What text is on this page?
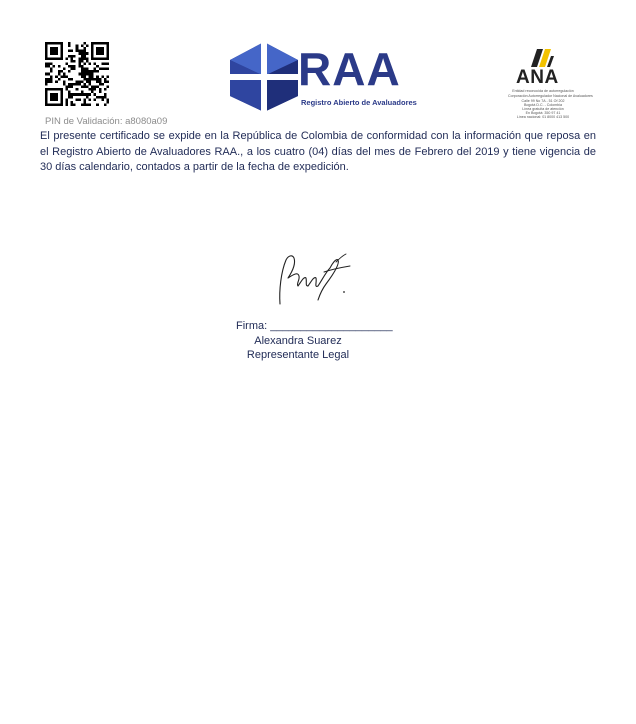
PIN de Validación: a8080a09
RAA
Registro Abierto de Avaluadores
ANA
Entidad reconocida de autorregulación
Corporación Autorregulador Nacional de Avaluadores
Calle 99 No 7A - 51 Of 202
Bogotá D.C. - Colombia
Línea gratuita de atención
En Bogotá: 350 97 41
Línea nacional: 01 8000 413 500
El presente certificado se expide en la República de Colombia de conformidad con la información que reposa en el Registro Abierto de Avaluadores RAA., a los cuatro (04) días del mes de Febrero del 2019 y tiene vigencia de 30 días calendario, contados a partir de la fecha de expedición.
Firma: ____________________
Alexandra Suarez
Representante Legal
